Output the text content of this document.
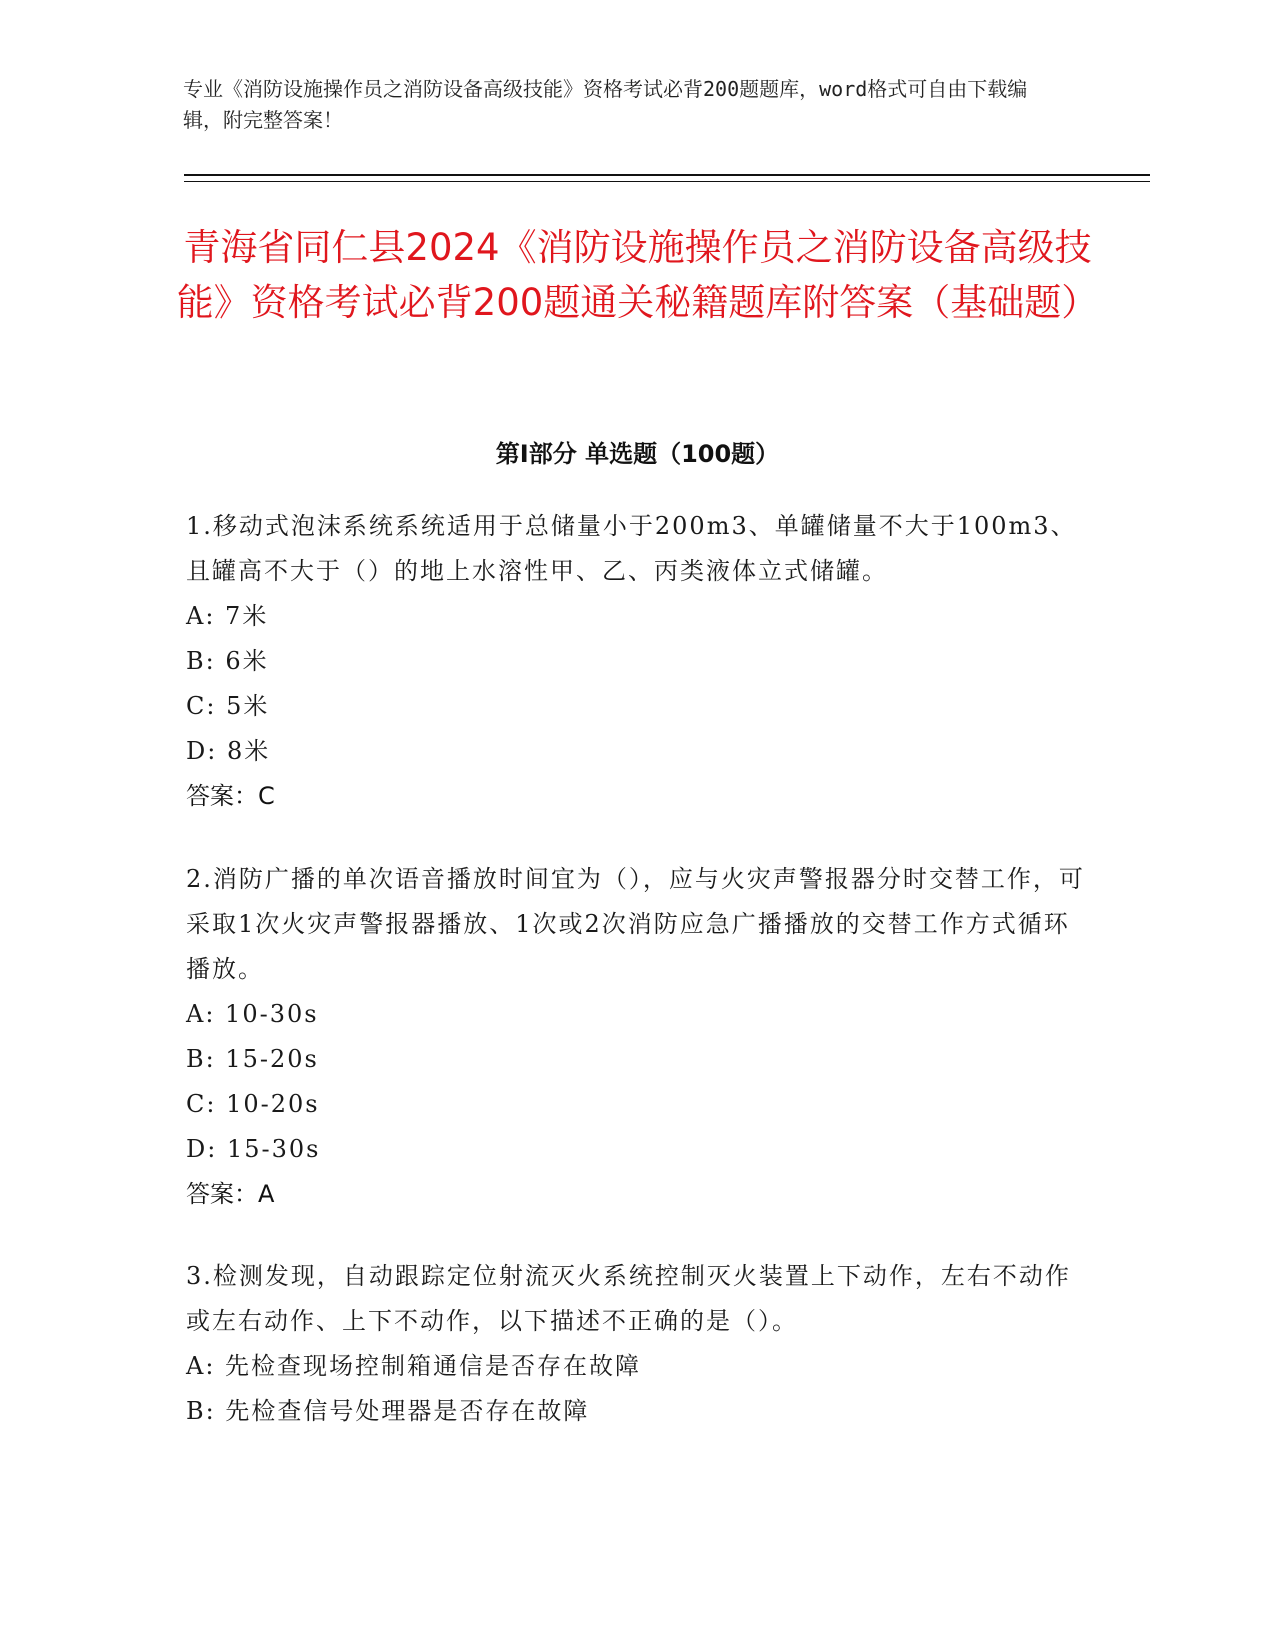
专业《消防设施操作员之消防设备高级技能》资格考试必背200题题库，word格式可自由下载编辑，附完整答案！
青海省同仁县2024《消防设施操作员之消防设备高级技能》资格考试必背200题通关秘籍题库附答案（基础题）
第Ⅰ部分 单选题（100题）

1.移动式泡沫系统系统适用于总储量小于200m3、单罐储量不大于100m3、且罐高不大于（）的地上水溶性甲、乙、丙类液体立式储罐。

A: 7米

B: 6米

C: 5米

D: 8米

答案：C

2.消防广播的单次语音播放时间宜为（），应与火灾声警报器分时交替工作，可采取1次火灾声警报器播放、1次或2次消防应急广播播放的交替工作方式循环播放。

A: 10-30s

B: 15-20s

C: 10-20s

D: 15-30s

答案：A

3.检测发现，自动跟踪定位射流灭火系统控制灭火装置上下动作，左右不动作或左右动作、上下不动作，以下描述不正确的是（）。

A: 先检查现场控制箱通信是否存在故障

B: 先检查信号处理器是否存在故障
